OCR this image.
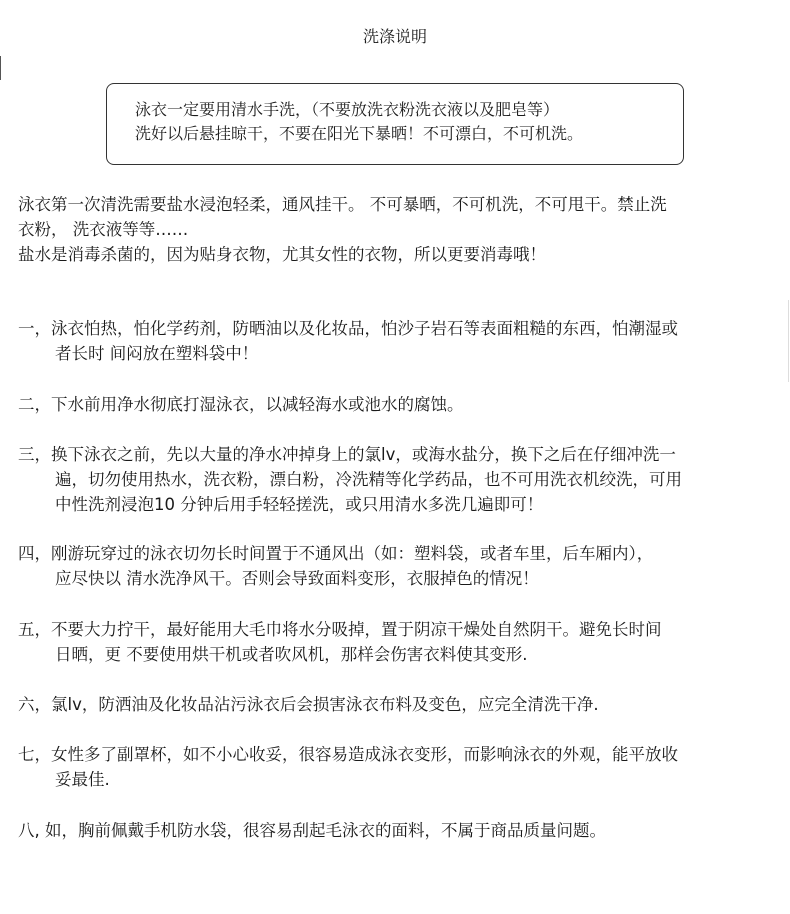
洗涤说明
泳衣一定要用清水手洗，（不要放洗衣粉洗衣液以及肥皂等）
洗好以后悬挂晾干，不要在阳光下暴晒！不可漂白，不可机洗。
泳衣第一次清洗需要盐水浸泡轻柔，通风挂干。 不可暴晒，不可机洗，不可甩干。禁止洗
衣粉， 洗衣液等等……
盐水是消毒杀菌的，因为贴身衣物，尤其女性的衣物，所以更要消毒哦！
一，泳衣怕热，怕化学药剂，防晒油以及化妆品，怕沙子岩石等表面粗糙的东西，怕潮湿或
者长时 间闷放在塑料袋中！
二，下水前用净水彻底打湿泳衣，以减轻海水或池水的腐蚀。
三，换下泳衣之前，先以大量的净水冲掉身上的氯lv，或海水盐分，换下之后在仔细冲洗一
遍，切勿使用热水，洗衣粉，漂白粉，冷洗精等化学药品，也不可用洗衣机绞洗，可用
中性洗剂浸泡10 分钟后用手轻轻搓洗，或只用清水多洗几遍即可！
四，刚游玩穿过的泳衣切勿长时间置于不通风出（如：塑料袋，或者车里，后车厢内），
应尽快以 清水洗净风干。否则会导致面料变形，衣服掉色的情况！
五，不要大力拧干，最好能用大毛巾将水分吸掉，置于阴凉干燥处自然阴干。避免长时间
日晒，更 不要使用烘干机或者吹风机，那样会伤害衣料使其变形.
六，氯lv，防洒油及化妆品沾污泳衣后会损害泳衣布料及变色，应完全清洗干净.
七，女性多了副罩杯，如不小心收妥，很容易造成泳衣变形，而影响泳衣的外观，能平放收
妥最佳.
八, 如，胸前佩戴手机防水袋，很容易刮起毛泳衣的面料，不属于商品质量问题。
